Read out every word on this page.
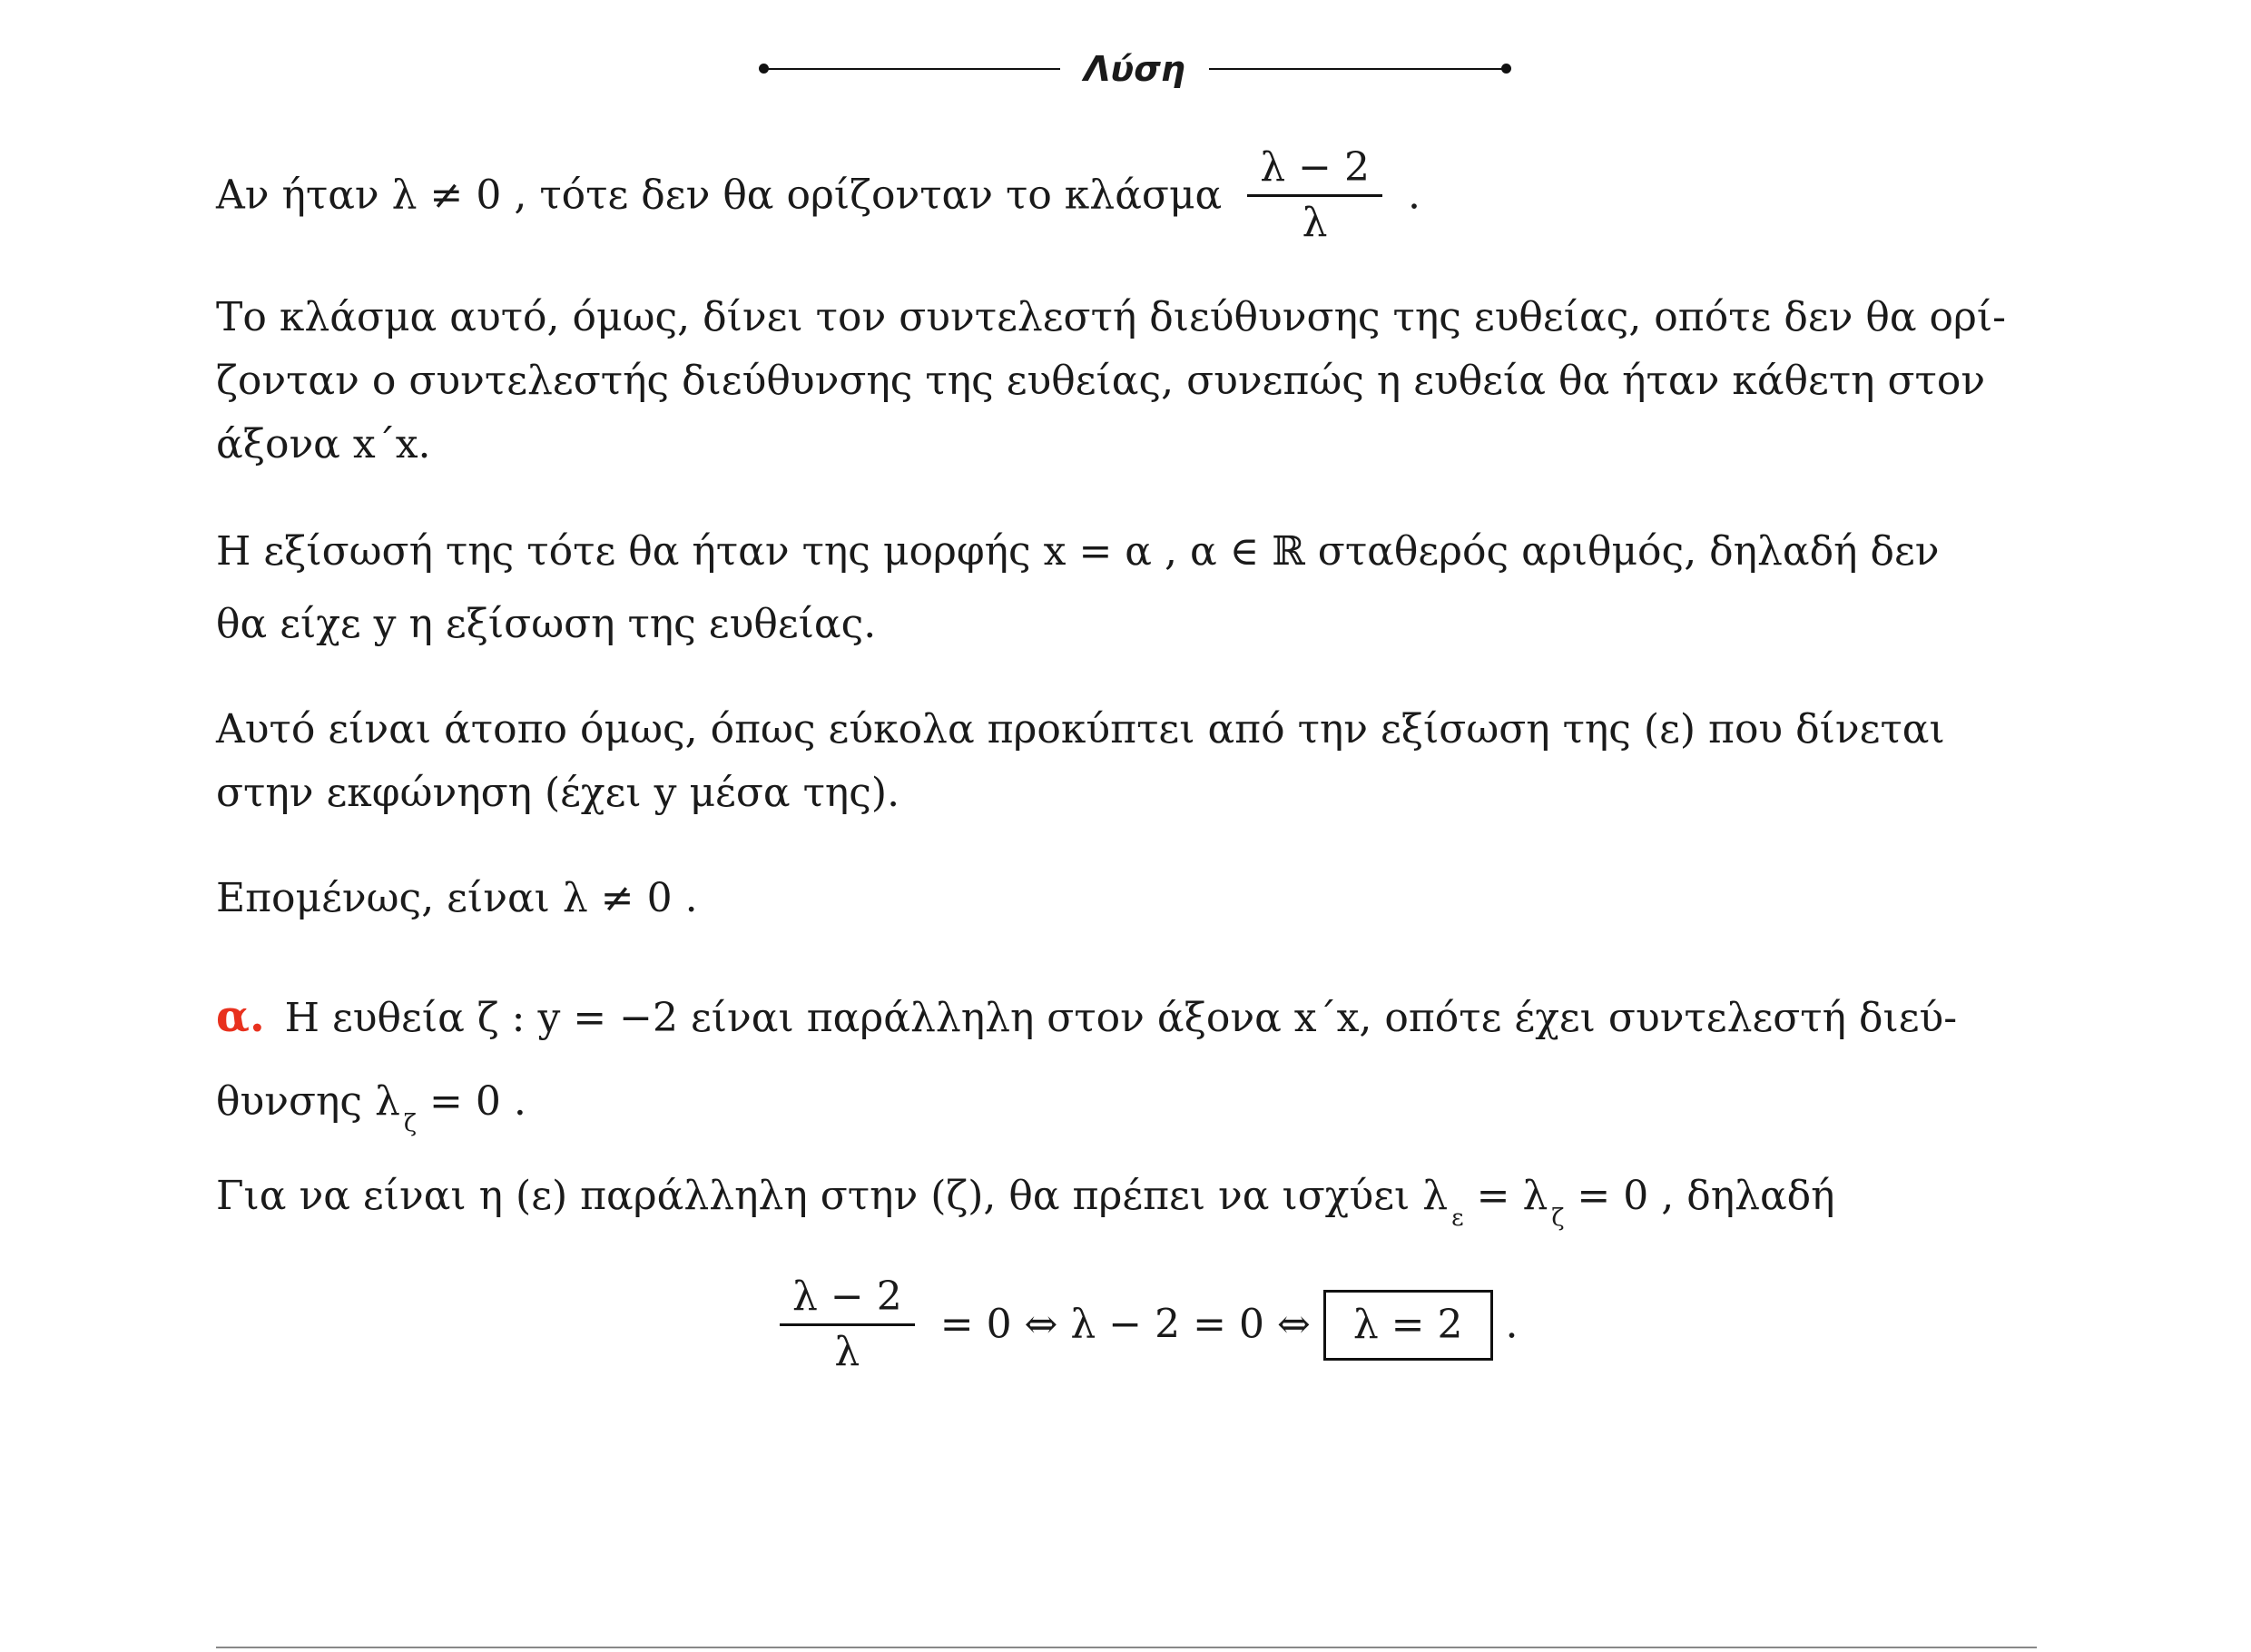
Λύση
Αν ήταν λ ≠ 0 , τότε δεν θα ορίζονταν το κλάσμα $\frac{\lambda - 2}{\lambda}$ .
Το κλάσμα αυτό, όμως, δίνει τον συντελεστή διεύθυνσης της ευθείας, οπότε δεν θα ορί-
ζονταν ο συντελεστής διεύθυνσης της ευθείας, συνεπώς η ευθεία θα ήταν κάθετη στον
άξονα x΄x.
Η εξίσωσή της τότε θα ήταν της μορφής x = α , α ∈ ℝ σταθερός αριθμός, δηλαδή δεν
θα είχε y η εξίσωση της ευθείας.
Αυτό είναι άτοπο όμως, όπως εύκολα προκύπτει από την εξίσωση της (ε) που δίνεται
στην εκφώνηση (έχει y μέσα της).
Επομένως, είναι λ ≠ 0 .
α. Η ευθεία ζ : y = −2 είναι παράλληλη στον άξονα x΄x, οπότε έχει συντελεστή διεύ-
θυνσης λ $_\zeta$ = 0 .
Για να είναι η (ε) παράλληλη στην (ζ), θα πρέπει να ισχύει λ $_\varepsilon$ = λ $_\zeta$ = 0 , δηλαδή
$\frac{\lambda - 2}{\lambda} = 0$ ⇔ λ − 2 = 0 ⇔ λ = 2 .
